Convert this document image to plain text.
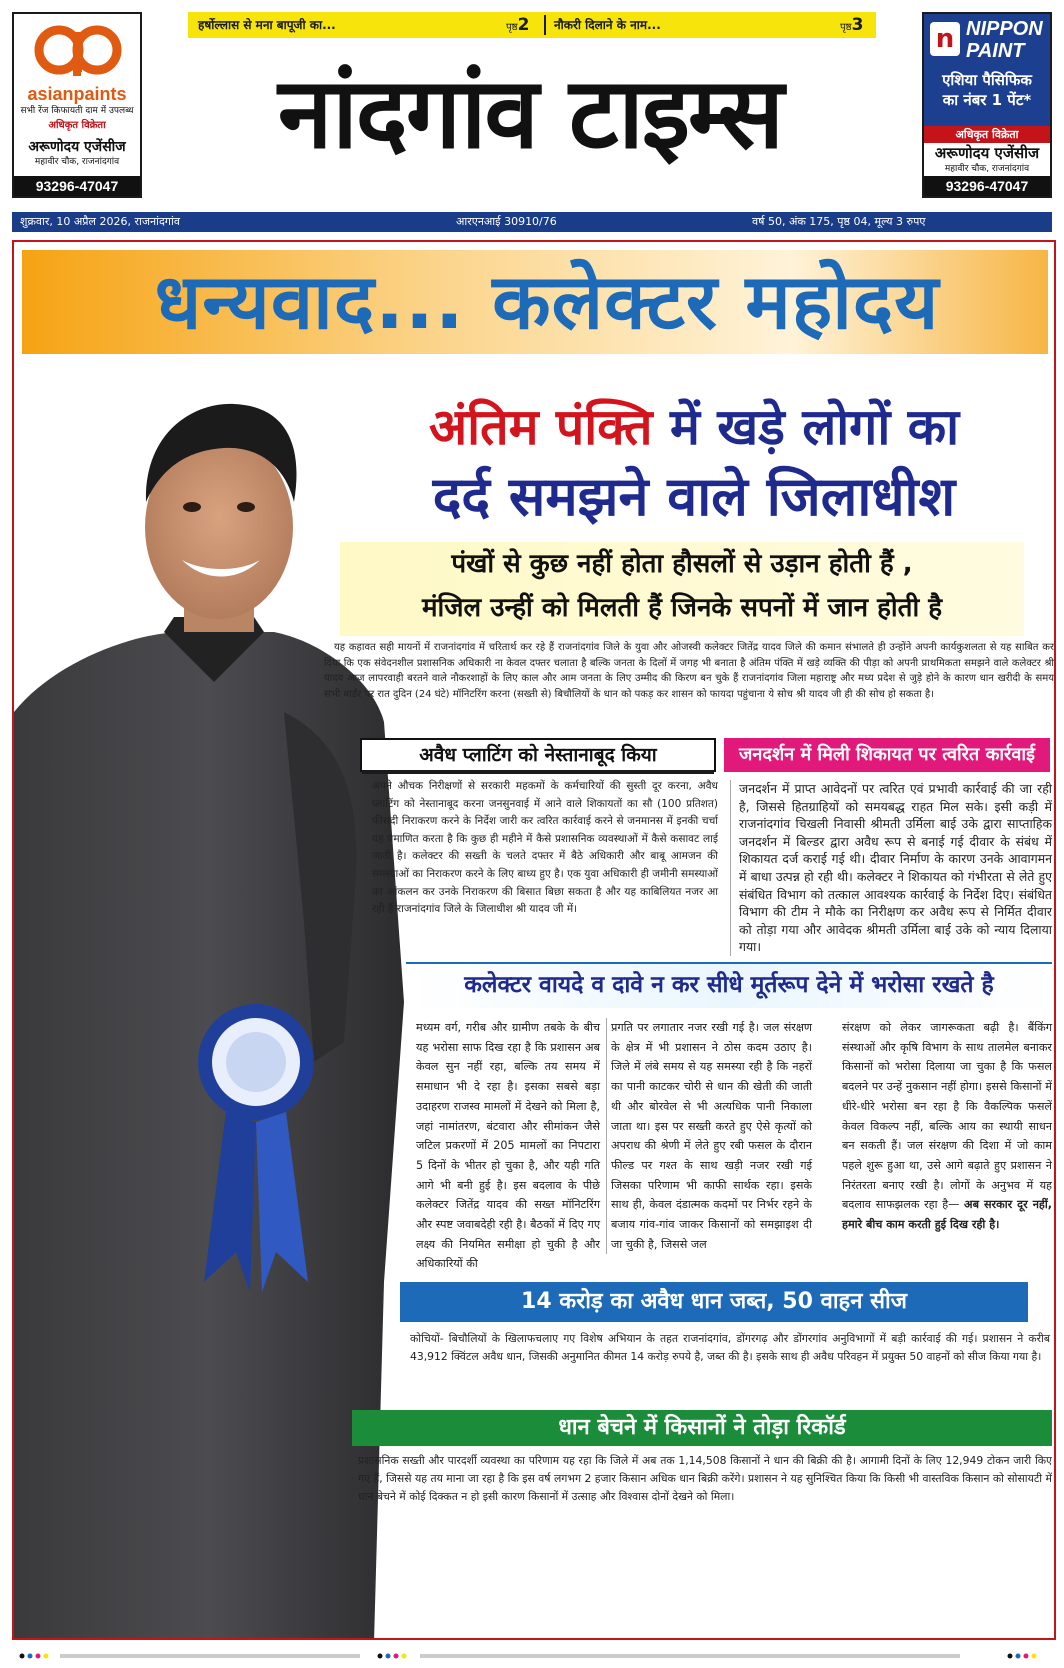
asianpaints
सभी रेंज किफायती दाम में उपलब्ध
अधिकृत विक्रेता
अरूणोदय एजेंसीज
महावीर चौक, राजनांदगांव
93296-47047
हर्षोल्लास से मना बापूजी का...	पृष्ठ2 नौकरी दिलाने के नाम...	पृष्ठ3
नांदगांव टाइम्स
n NIPPON
PAINT
एशिया पैसिफिक
का नंबर 1 पेंट*
अधिकृत विक्रेता
अरूणोदय एजेंसीज
महावीर चौक, राजनांदगांव
93296-47047
शुक्रवार, 10 अप्रैल 2026, राजनांदगांव	आरएनआई 30910/76	वर्ष 50, अंक 175, पृष्ठ 04, मूल्य 3 रुपए
धन्यवाद... कलेक्टर महोदय
अंतिम पंक्ति में खड़े लोगों का
दर्द समझने वाले जिलाधीश
पंखों से कुछ नहीं होता हौसलों से उड़ान होती हैं ,
मंजिल उन्हीं को मिलती हैं जिनके सपनों में जान होती है

यह कहावत सही मायनों में राजनांदगांव में चरितार्थ कर रहे हैं राजनांदगांव जिले के युवा और ओजस्वी कलेक्टर जितेंद्र यादव जिले की कमान संभालते ही उन्होंने अपनी कार्यकुशलता से यह साबित कर दिया कि एक संवेदनशील प्रशासनिक अधिकारी ना केवल दफ्तर चलाता है बल्कि जनता के दिलों में जगह भी बनाता है अंतिम पंक्ति में खड़े व्यक्ति की पीड़ा को अपनी प्राथमिकता समझने वाले कलेक्टर श्री यादव आज लापरवाही बरतने वाले नौकरशाहों के लिए काल और आम जनता के लिए उम्मीद की किरण बन चुके हैं राजनांदगांव जिला महाराष्ट्र और मध्य प्रदेश से जुड़े होने के कारण धान खरीदी के समय सभी बार्डर पर रात दुदिन (24 घंटे) मॉनिटरिंग करना (सख्ती से) बिचौलियों के धान को पकड़ कर शासन को फायदा पहुंचाना ये सोच श्री यादव जी ही की सोच हो सकता है।

अवैध प्लाटिंग को नेस्तानाबूद किया	जनदर्शन में मिली शिकायत पर त्वरित कार्रवाई

अपने औचक निरीक्षणों से सरकारी महकमों के कर्मचारियों की सुस्ती दूर करना, अवैध प्लाटिंग को नेस्तानाबूद करना जनसुनवाई में आने वाले शिकायतों का सौ (100 प्रतिशत) फीसदी निराकरण करने के निर्देश जारी कर त्वरित कार्रवाई करने से जनमानस में इनकी चर्चा यह प्रमाणित करता है कि कुछ ही महीने में कैसे प्रशासनिक व्यवस्थाओं में कैसे कसावट लाई जाती है। कलेक्टर की सख्ती के चलते दफ्तर में बैठे अधिकारी और बाबू आमजन की समस्याओं का निराकरण करने के लिए बाध्य हुए है। एक युवा अधिकारी ही जमीनी समस्याओं का आंकलन कर उनके निराकरण की बिसात बिछा सकता है और यह काबिलियत नजर आ रही हैं राजनांदगांव जिले के जिलाधीश श्री यादव जी में।

जनदर्शन में प्राप्त आवेदनों पर त्वरित एवं प्रभावी कार्रवाई की जा रही है, जिससे हितग्राहियों को समयबद्ध राहत मिल सके। इसी कड़ी में राजनांदगांव चिखली निवासी श्रीमती उर्मिला बाई उके द्वारा साप्ताहिक जनदर्शन में बिल्डर द्वारा अवैध रूप से बनाई गई दीवार के संबंध में शिकायत दर्ज कराई गई थी। दीवार निर्माण के कारण उनके आवागमन में बाधा उत्पन्न हो रही थी। कलेक्टर ने शिकायत को गंभीरता से लेते हुए संबंधित विभाग को तत्काल आवश्यक कार्रवाई के निर्देश दिए। संबंधित विभाग की टीम ने मौके का निरीक्षण कर अवैध रूप से निर्मित दीवार को तोड़ा गया और आवेदक श्रीमती उर्मिला बाई उके को न्याय दिलाया गया।

कलेक्टर वायदे व दावे न कर सीधे मूर्तरूप देने में भरोसा रखते है

मध्यम वर्ग, गरीब और ग्रामीण तबके के बीच यह भरोसा साफ दिख रहा है कि प्रशासन अब केवल सुन नहीं रहा, बल्कि तय समय में समाधान भी दे रहा है। इसका सबसे बड़ा उदाहरण राजस्व मामलों में देखने को मिला है, जहां नामांतरण, बंटवारा और सीमांकन जैसे जटिल प्रकरणों में 205 मामलों का निपटारा 5 दिनों के भीतर हो चुका है, और यही गति आगे भी बनी हुई है। इस बदलाव के पीछे कलेक्टर जितेंद्र यादव की सख्त मॉनिटरिंग और स्पष्ट जवाबदेही रही है। बैठकों में दिए गए लक्ष्य की नियमित समीक्षा हो चुकी है और अधिकारियों की

प्रगति पर लगातार नजर रखी गई है। जल संरक्षण के क्षेत्र में भी प्रशासन ने ठोस कदम उठाए है। जिले में लंबे समय से यह समस्या रही है कि नहरों का पानी काटकर चोरी से धान की खेती की जाती थी और बोरवेल से भी अत्यधिक पानी निकाला जाता था। इस पर सख्ती करते हुए ऐसे कृत्यों को अपराध की श्रेणी में लेते हुए रबी फसल के दौरान फील्ड पर गश्त के साथ खड़ी नजर रखी गई जिसका परिणाम भी काफी सार्थक रहा। इसके साथ ही, केवल दंडात्मक कदमों पर निर्भर रहने के बजाय गांव-गांव जाकर किसानों को समझाइश दी जा चुकी है, जिससे जल

संरक्षण को लेकर जागरूकता बढ़ी है। बैंकिंग संस्थाओं और कृषि विभाग के साथ तालमेल बनाकर किसानों को भरोसा दिलाया जा चुका है कि फसल बदलने पर उन्हें नुकसान नहीं होगा। इससे किसानों में धीरे-धीरे भरोसा बन रहा है कि वैकल्पिक फसलें केवल विकल्प नहीं, बल्कि आय का स्थायी साधन बन सकती हैं। जल संरक्षण की दिशा में जो काम पहले शुरू हुआ था, उसे आगे बढ़ाते हुए प्रशासन ने निरंतरता बनाए रखी है। लोगों के अनुभव में यह बदलाव साफझलक रहा है— अब सरकार दूर नहीं, हमारे बीच काम करती हुई दिख रही है।

14 करोड़ का अवैध धान जब्त, 50 वाहन सीज

कोचियों- बिचौलियों के खिलाफचलाए गए विशेष अभियान के तहत राजनांदगांव, डोंगरगढ़ और डोंगरगांव अनुविभागों में बड़ी कार्रवाई की गई। प्रशासन ने करीब 43,912 क्विंटल अवैध धान, जिसकी अनुमानित कीमत 14 करोड़ रुपये है, जब्त की है। इसके साथ ही अवैध परिवहन में प्रयुक्त 50 वाहनों को सीज किया गया है।

धान बेचने में किसानों ने तोड़ा रिकॉर्ड

प्रशासनिक सख्ती और पारदर्शी व्यवस्था का परिणाम यह रहा कि जिले में अब तक 1,14,508 किसानों ने धान की बिक्री की है। आगामी दिनों के लिए 12,949 टोकन जारी किए गए हैं, जिससे यह तय माना जा रहा है कि इस वर्ष लगभग 2 हजार किसान अधिक धान बिक्री करेंगे। प्रशासन ने यह सुनिश्चित किया कि किसी भी वास्तविक किसान को सोसायटी में धान बेचने में कोई दिक्कत न हो इसी कारण किसानों में उत्साह और विश्वास दोनों देखने को मिला।
